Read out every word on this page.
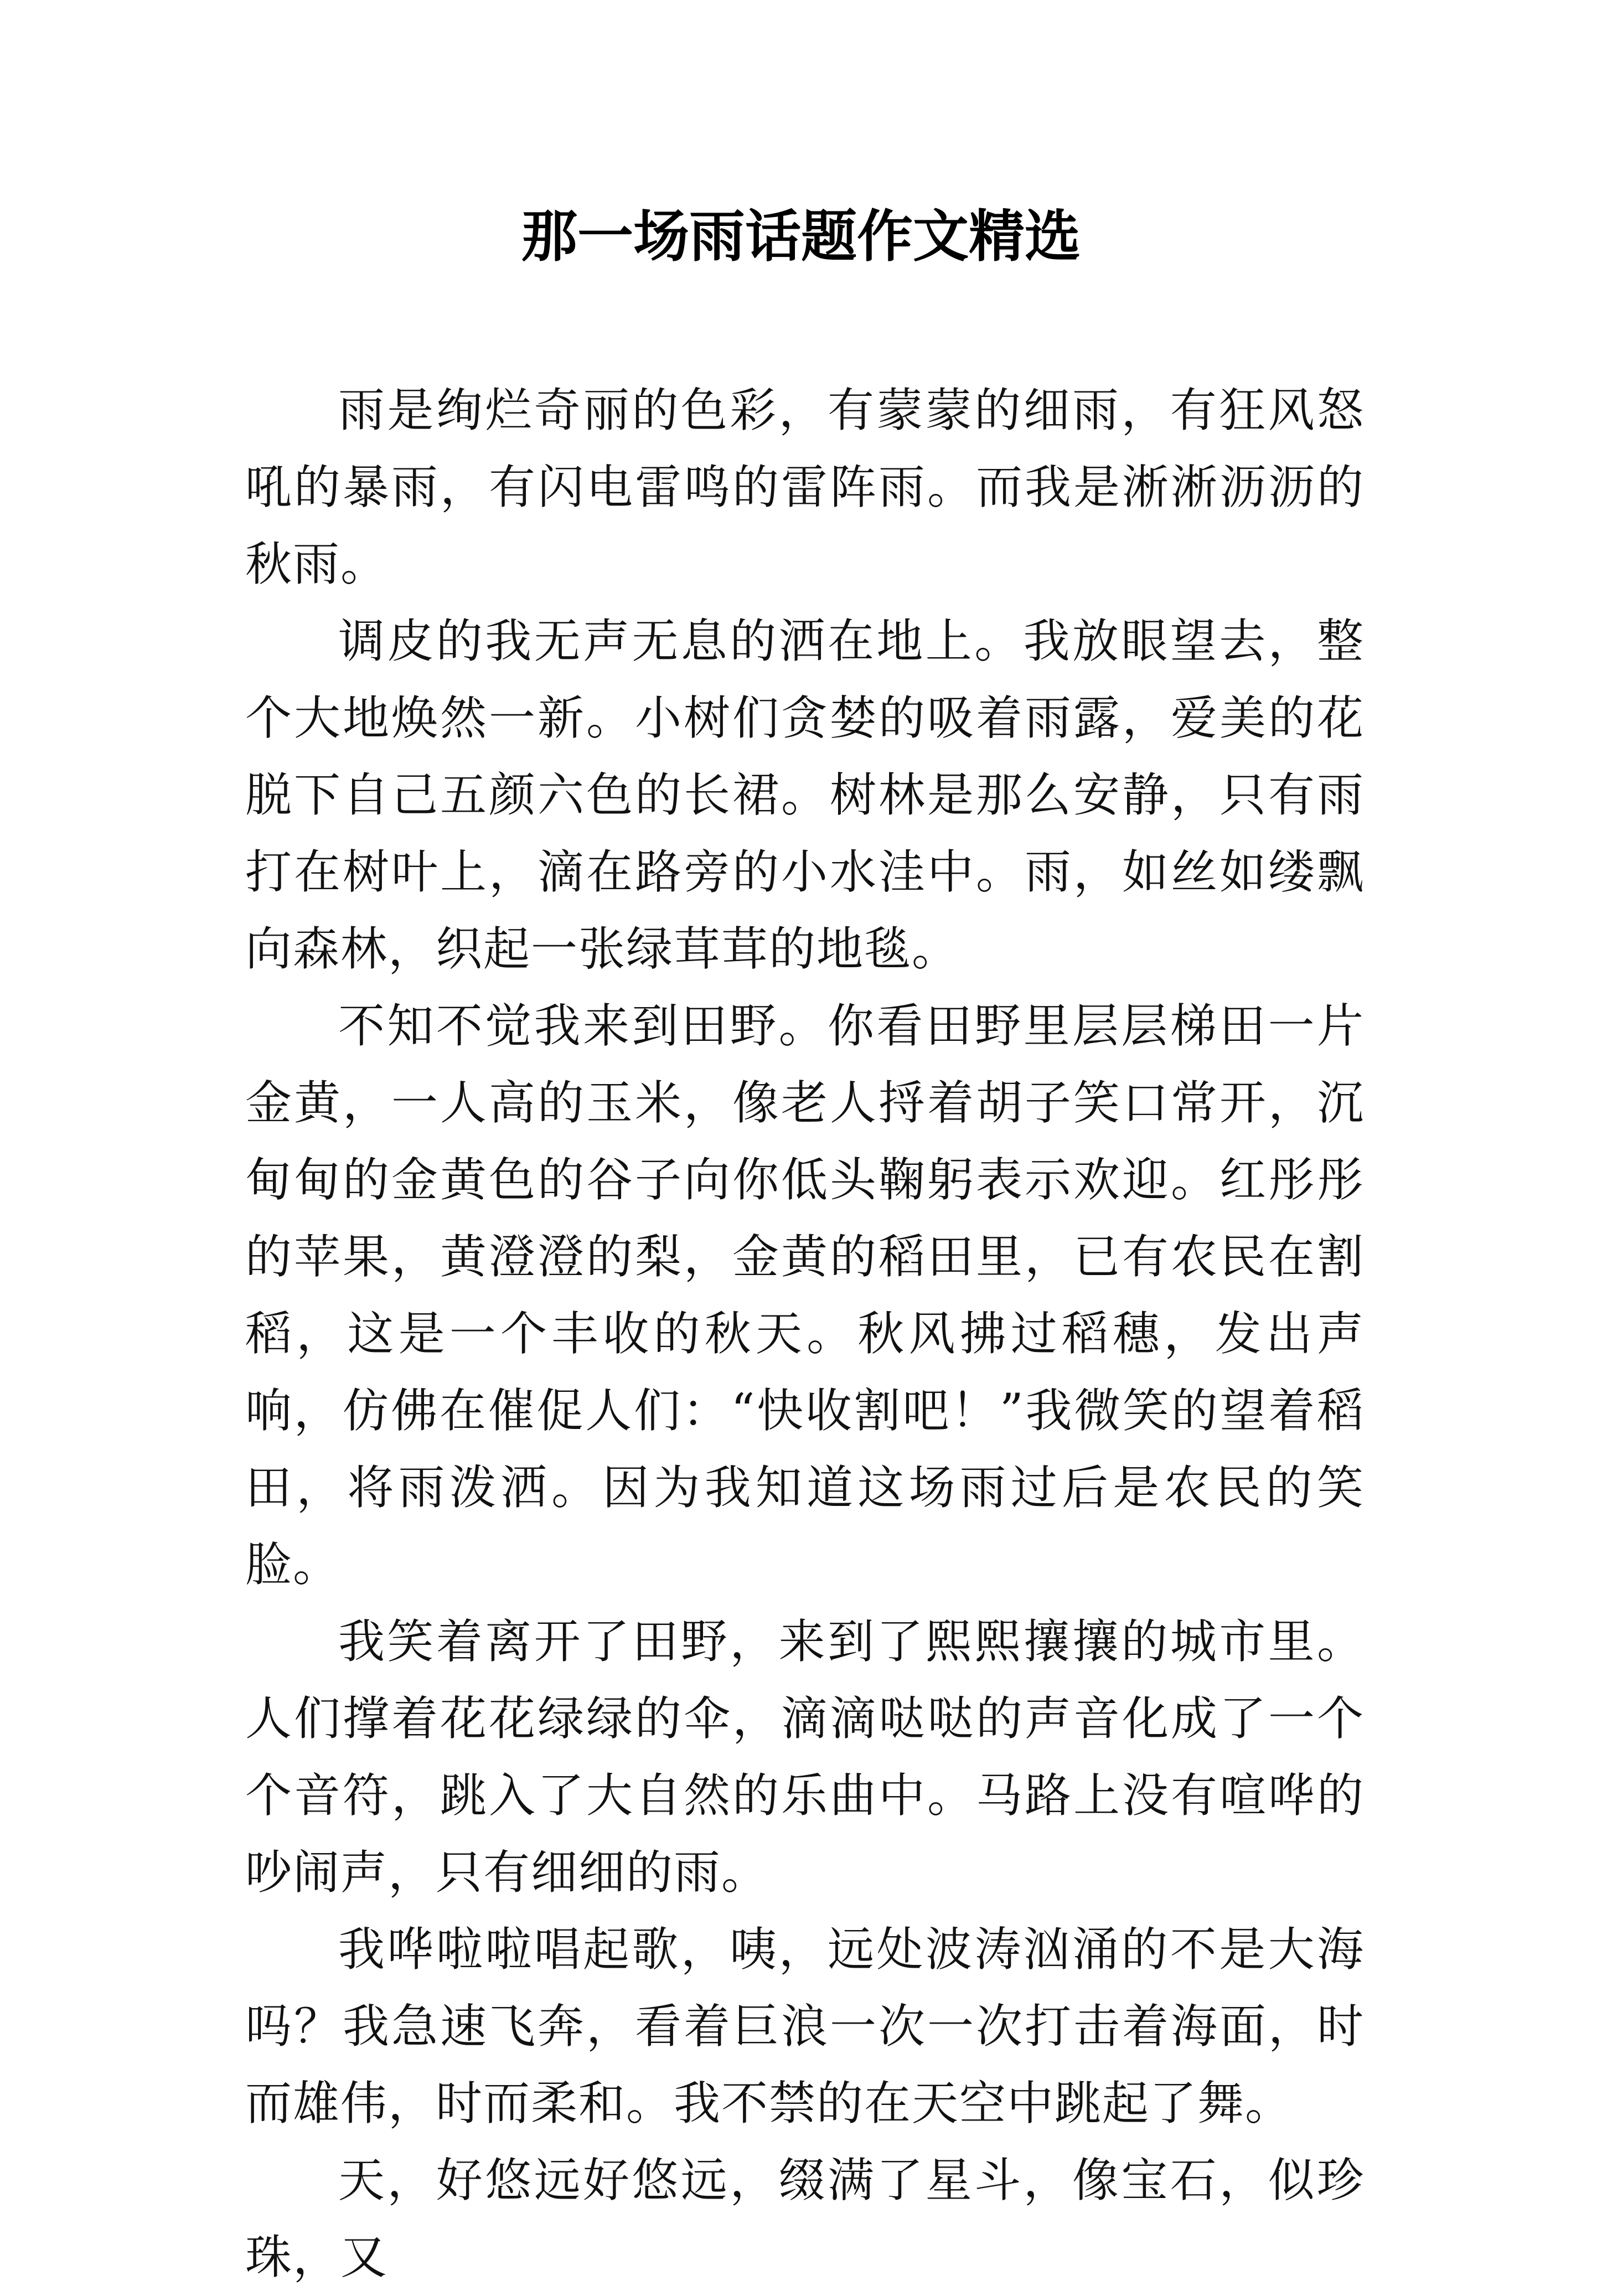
那一场雨话题作文精选

雨是绚烂奇丽的色彩，有蒙蒙的细雨，有狂风怒吼的暴雨，有闪电雷鸣的雷阵雨。而我是淅淅沥沥的秋雨。

调皮的我无声无息的洒在地上。我放眼望去，整个大地焕然一新。小树们贪婪的吸着雨露，爱美的花脱下自己五颜六色的长裙。树林是那么安静，只有雨打在树叶上，滴在路旁的小水洼中。雨，如丝如缕飘向森林，织起一张绿茸茸的地毯。

不知不觉我来到田野。你看田野里层层梯田一片金黄，一人高的玉米，像老人捋着胡子笑口常开，沉甸甸的金黄色的谷子向你低头鞠躬表示欢迎。红彤彤的苹果，黄澄澄的梨，金黄的稻田里，已有农民在割稻，这是一个丰收的秋天。秋风拂过稻穗，发出声响，仿佛在催促人们：“快收割吧！”我微笑的望着稻田，将雨泼洒。因为我知道这场雨过后是农民的笑脸。

我笑着离开了田野，来到了熙熙攘攘的城市里。人们撑着花花绿绿的伞，滴滴哒哒的声音化成了一个个音符，跳入了大自然的乐曲中。马路上没有喧哗的吵闹声，只有细细的雨。

我哗啦啦唱起歌，咦，远处波涛汹涌的不是大海吗？我急速飞奔，看着巨浪一次一次打击着海面，时而雄伟，时而柔和。我不禁的在天空中跳起了舞。

天，好悠远好悠远，缀满了星斗，像宝石，似珍珠，又
